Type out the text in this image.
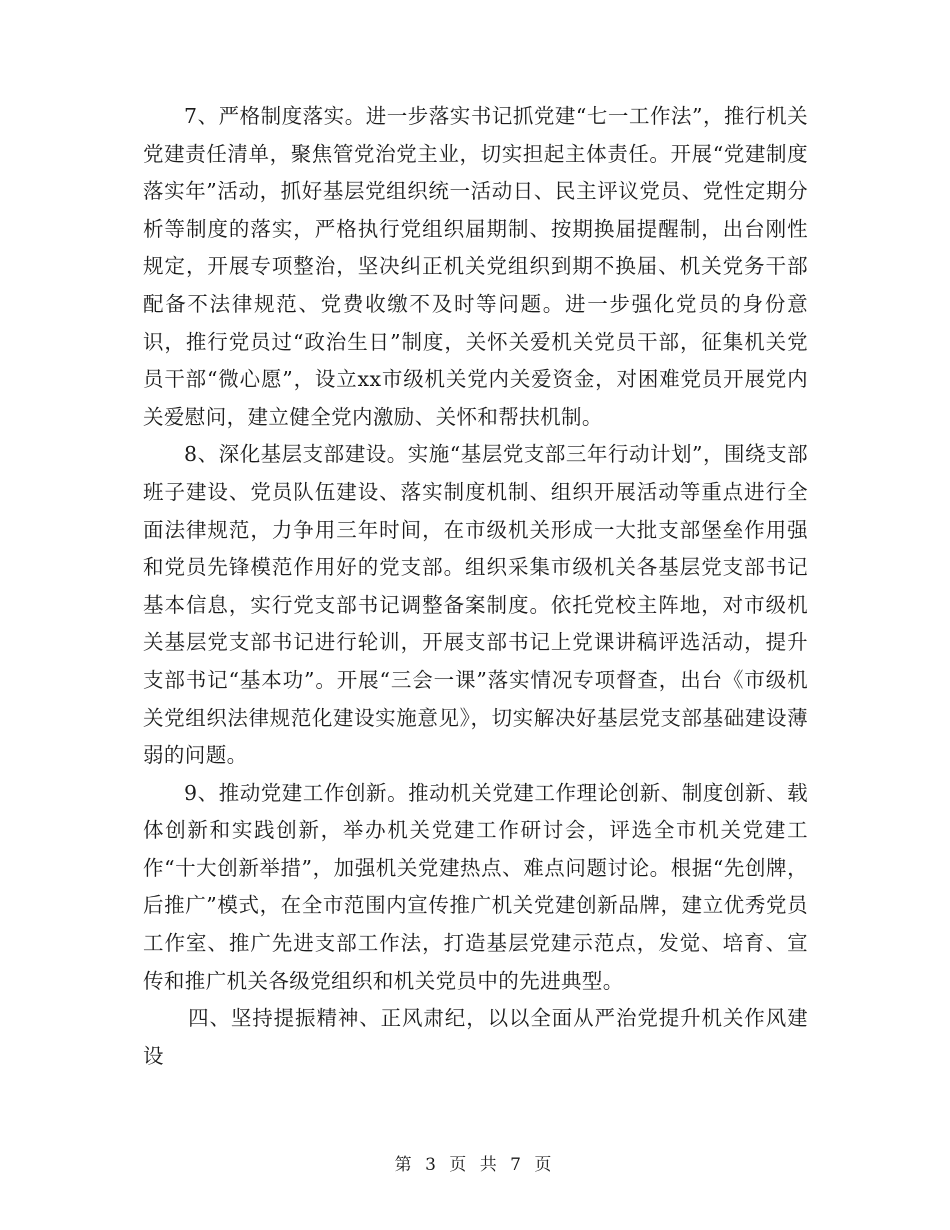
7、严格制度落实。进一步落实书记抓党建“七一工作法”，推行机关党建责任清单，聚焦管党治党主业，切实担起主体责任。开展“党建制度落实年”活动，抓好基层党组织统一活动日、民主评议党员、党性定期分析等制度的落实，严格执行党组织届期制、按期换届提醒制，出台刚性规定，开展专项整治，坚决纠正机关党组织到期不换届、机关党务干部配备不法律规范、党费收缴不及时等问题。进一步强化党员的身份意识，推行党员过“政治生日”制度，关怀关爱机关党员干部，征集机关党员干部“微心愿”，设立xx市级机关党内关爱资金，对困难党员开展党内关爱慰问，建立健全党内激励、关怀和帮扶机制。

8、深化基层支部建设。实施“基层党支部三年行动计划”，围绕支部班子建设、党员队伍建设、落实制度机制、组织开展活动等重点进行全面法律规范，力争用三年时间，在市级机关形成一大批支部堡垒作用强和党员先锋模范作用好的党支部。组织采集市级机关各基层党支部书记基本信息，实行党支部书记调整备案制度。依托党校主阵地，对市级机关基层党支部书记进行轮训，开展支部书记上党课讲稿评选活动，提升支部书记“基本功”。开展“三会一课”落实情况专项督查，出台《市级机关党组织法律规范化建设实施意见》，切实解决好基层党支部基础建设薄弱的问题。

9、推动党建工作创新。推动机关党建工作理论创新、制度创新、载体创新和实践创新，举办机关党建工作研讨会，评选全市机关党建工作“十大创新举措”，加强机关党建热点、难点问题讨论。根据“先创牌，后推广”模式，在全市范围内宣传推广机关党建创新品牌，建立优秀党员工作室、推广先进支部工作法，打造基层党建示范点，发觉、培育、宣传和推广机关各级党组织和机关党员中的先进典型。

四、坚持提振精神、正风肃纪，以以全面从严治党提升机关作风建设

第 3 页 共 7 页
